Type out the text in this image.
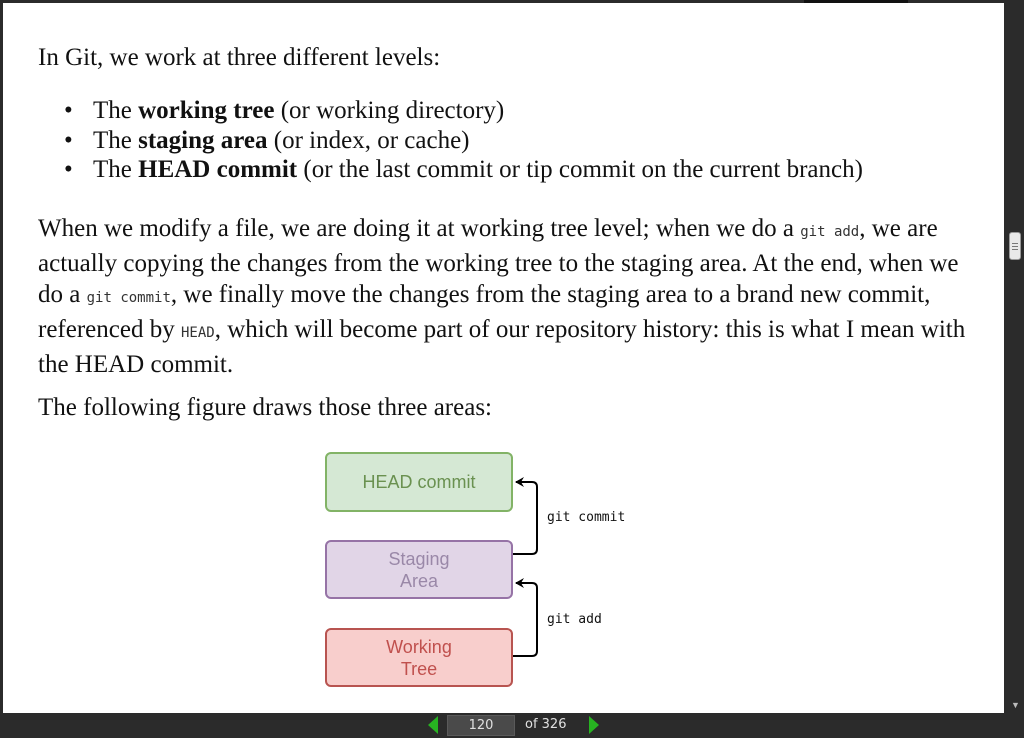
In Git, we work at three different levels:
• The working tree (or working directory)
• The staging area (or index, or cache)
• The HEAD commit (or the last commit or tip commit on the current branch)
When we modify a file, we are doing it at working tree level; when we do a git add, we are actually copying the changes from the working tree to the staging area. At the end, when we do a git commit, we finally move the changes from the staging area to a brand new commit, referenced by HEAD, which will become part of our repository history: this is what I mean with the HEAD commit.
The following figure draws those three areas:
HEAD commit
Staging
Area
Working
Tree
git commit
git add
▼
120
of 326
